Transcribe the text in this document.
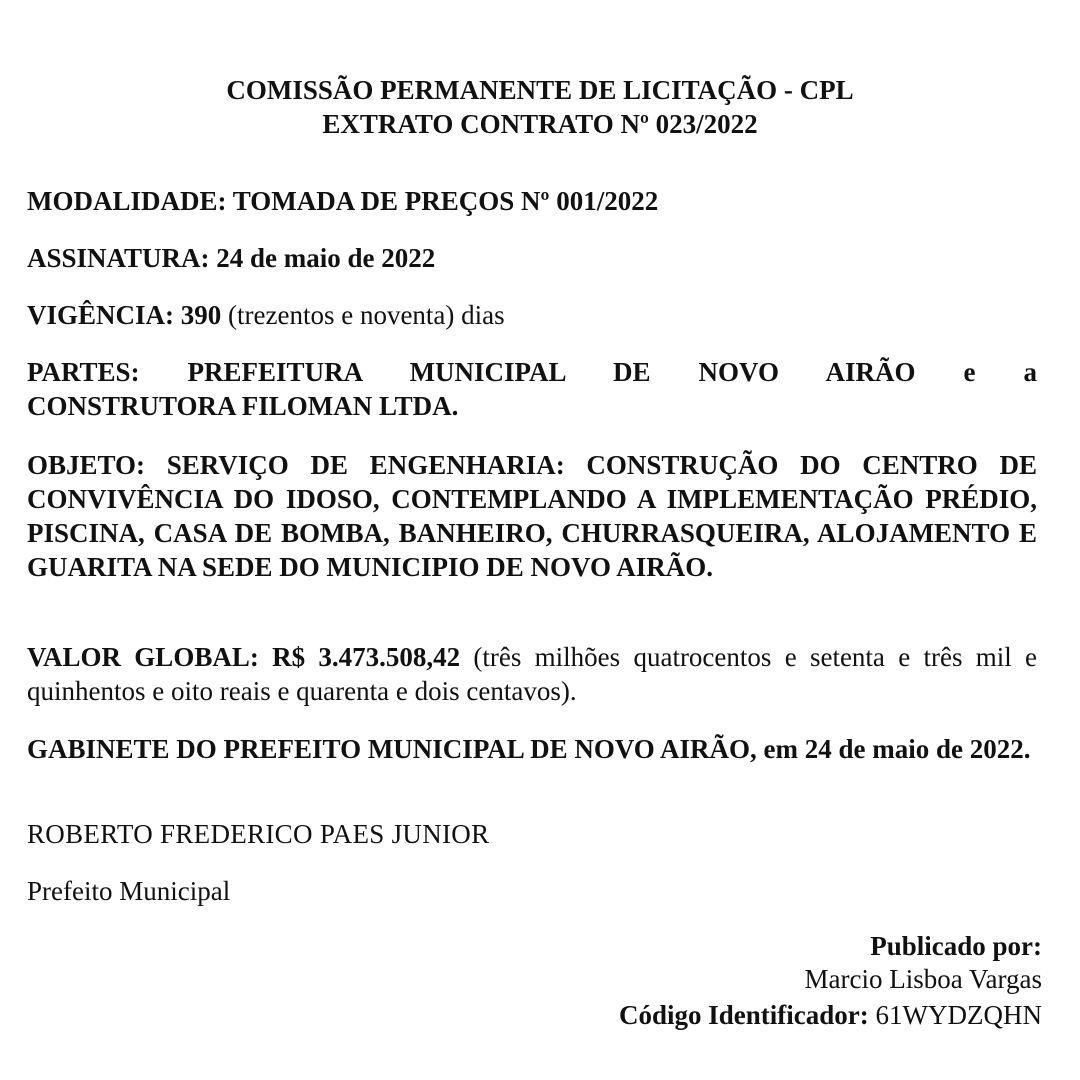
COMISSÃO PERMANENTE DE LICITAÇÃO - CPL

EXTRATO CONTRATO Nº 023/2022

MODALIDADE: TOMADA DE PREÇOS Nº 001/2022

ASSINATURA: 24 de maio de 2022

VIGÊNCIA: 390 (trezentos e noventa) dias

PARTES: PREFEITURA MUNICIPAL DE NOVO AIRÃO e a
CONSTRUTORA FILOMAN LTDA.

OBJETO: SERVIÇO DE ENGENHARIA: CONSTRUÇÃO DO CENTRO DE CONVIVÊNCIA DO IDOSO, CONTEMPLANDO A IMPLEMENTAÇÃO PRÉDIO, PISCINA, CASA DE BOMBA, BANHEIRO, CHURRASQUEIRA, ALOJAMENTO E GUARITA NA SEDE DO MUNICIPIO DE NOVO AIRÃO.

VALOR GLOBAL: R$ 3.473.508,42 (três milhões quatrocentos e setenta e três mil e quinhentos e oito reais e quarenta e dois centavos).

GABINETE DO PREFEITO MUNICIPAL DE NOVO AIRÃO, em 24 de maio de 2022.

ROBERTO FREDERICO PAES JUNIOR

Prefeito Municipal

Publicado por:

Marcio Lisboa Vargas

Código Identificador: 61WYDZQHN
